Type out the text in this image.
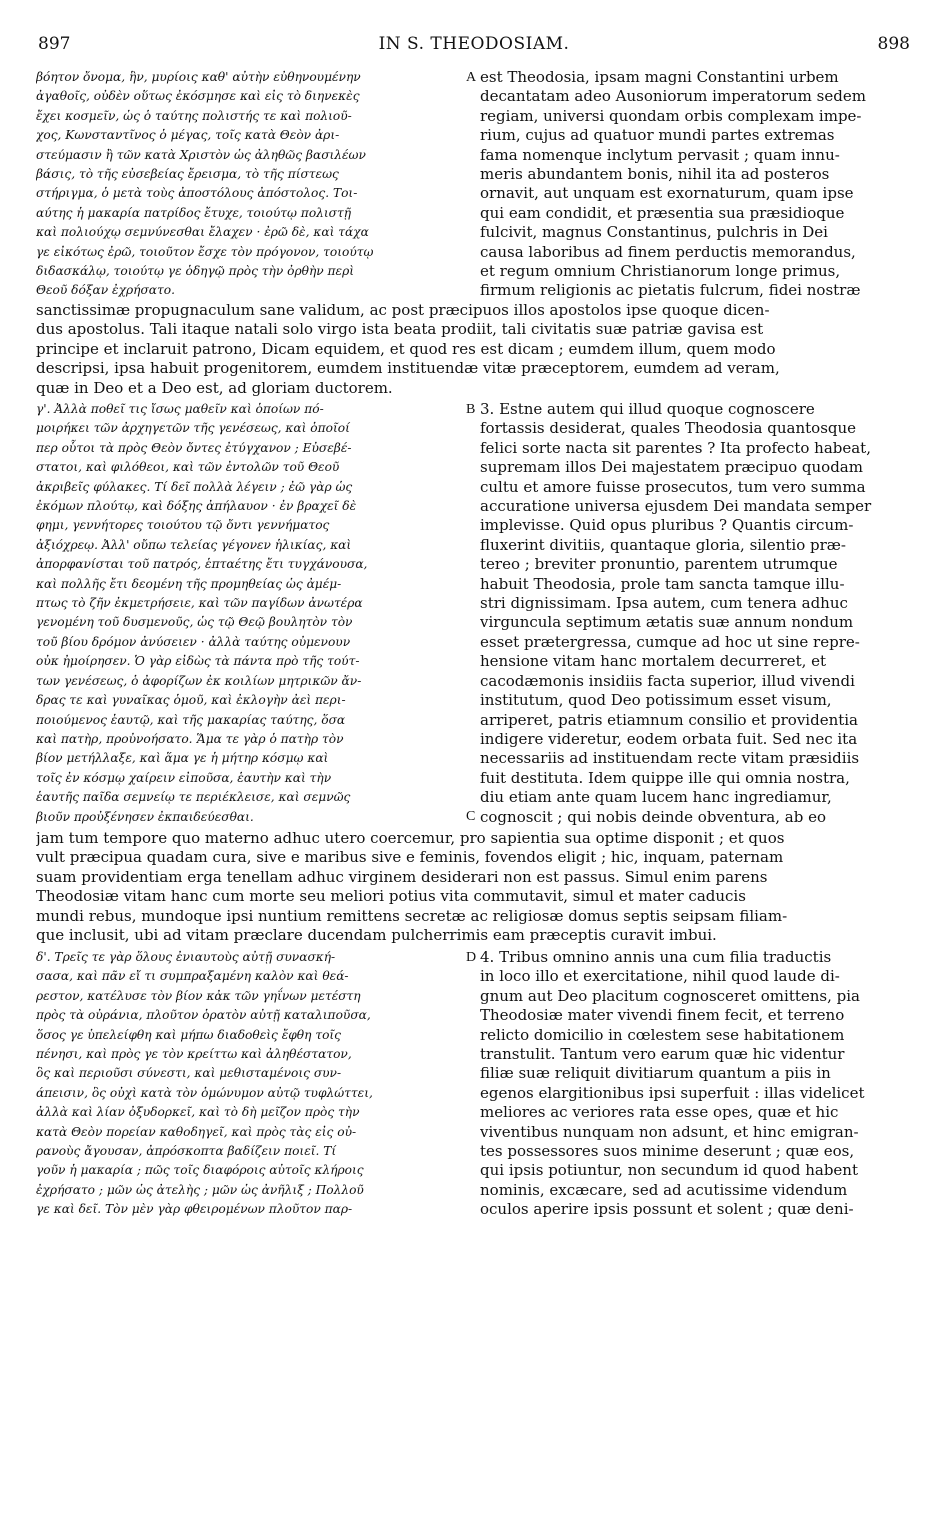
897	IN S. THEODOSIAM.	898
βόητον ὄνομα, ἣν, μυρίοις καθ' αὐτὴν εὐθηνουμένην
ἀγαθοῖς, οὐδὲν οὕτως ἐκόσμησε καὶ εἰς τὸ διηνεκὲς
ἔχει κοσμεῖν, ὡς ὁ ταύτης πολιστής τε καὶ πολιοῦ-
χος, Κωνσταντῖνος ὁ μέγας, τοῖς κατὰ Θεὸν ἀρι-
στεύμασιν ἢ τῶν κατὰ Χριστὸν ὡς ἀληθῶς βασιλέων
βάσις, τὸ τῆς εὐσεβείας ἔρεισμα, τὸ τῆς πίστεως
στήριγμα, ὁ μετὰ τοὺς ἀποστόλους ἀπόστολος. Τοι-
αύτης ἡ μακαρία πατρίδος ἔτυχε, τοιούτῳ πολιστῇ
καὶ πολιούχῳ σεμνύνεσθαι ἔλαχεν · ἐρῶ δὲ, καὶ τάχα
γε εἰκότως ἐρῶ, τοιοῦτον ἔσχε τὸν πρόγονον, τοιούτῳ
διδασκάλῳ, τοιούτῳ γε ὁδηγῷ πρὸς τὴν ὀρθὴν περὶ
Θεοῦ δόξαν ἐχρήσατο.
est Theodosia, ipsam magni Constantini urbem
decantatam adeo Ausoniorum imperatorum sedem
regiam, universi quondam orbis complexam impe-
rium, cujus ad quatuor mundi partes extremas
fama nomenque inclytum pervasit ; quam innu-
meris abundantem bonis, nihil ita ad posteros
ornavit, aut unquam est exornaturum, quam ipse
qui eam condidit, et præsentia sua præsidioque
fulcivit, magnus Constantinus, pulchris in Dei
causa laboribus ad finem perductis memorandus,
et regum omnium Christianorum longe primus,
firmum religionis ac pietatis fulcrum, fidei nostræ
A
sanctissimæ propugnaculum sane validum, ac post præcipuos illos apostolos ipse quoque dicen-
dus apostolus. Tali itaque natali solo virgo ista beata prodiit, tali civitatis suæ patriæ gavisa est
principe et inclaruit patrono, Dicam equidem, et quod res est dicam ; eumdem illum, quem modo
descripsi, ipsa habuit progenitorem, eumdem instituendæ vitæ præceptorem, eumdem ad veram,
quæ in Deo et a Deo est, ad gloriam ductorem.
γ'. Ἀλλὰ ποθεῖ τις ἴσως μαθεῖν καὶ ὁποίων πό-
μοιρήκει τῶν ἀρχηγετῶν τῆς γενέσεως, καὶ ὁποῖοί
περ οὗτοι τὰ πρὸς Θεὸν ὄντες ἐτύγχανον ; Εὐσεβέ-
στατοι, καὶ φιλόθεοι, καὶ τῶν ἐντολῶν τοῦ Θεοῦ
ἀκριβεῖς φύλακες. Τί δεῖ πολλὰ λέγειν ; ἐῶ γὰρ ὡς
ἐκόμων πλούτῳ, καὶ δόξης ἀπήλαυον · ἐν βραχεῖ δὲ
φημι, γεννήτορες τοιούτου τῷ ὄντι γεννήματος
ἀξιόχρεῳ. Ἀλλ' οὔπω τελείας γέγονεν ἡλικίας, καὶ
ἀπορφανίσται τοῦ πατρός, ἑπταέτης ἔτι τυγχάνουσα,
καὶ πολλῆς ἔτι δεομένη τῆς προμηθείας ὡς ἀμέμ-
πτως τὸ ζῆν ἐκμετρήσειε, καὶ τῶν παγίδων ἀνωτέρα
γενομένη τοῦ δυσμενοῦς, ὡς τῷ Θεῷ βουλητὸν τὸν
τοῦ βίου δρόμον ἀνύσειεν · ἀλλὰ ταύτης οὐμενουν
οὐκ ἠμοίρησεν. Ὁ γὰρ εἰδὼς τὰ πάντα πρὸ τῆς τούτ-
των γενέσεως, ὁ ἀφορίζων ἐκ κοιλίων μητρικῶν ἄν-
δρας τε καὶ γυναῖκας ὁμοῦ, καὶ ἐκλογὴν ἀεὶ περι-
ποιούμενος ἑαυτῷ, καὶ τῆς μακαρίας ταύτης, ὅσα
καὶ πατὴρ, προὐνοήσατο. Ἅμα τε γὰρ ὁ πατὴρ τὸν
βίον μετήλλαξε, καὶ ἅμα γε ἡ μήτηρ κόσμῳ καὶ
τοῖς ἐν κόσμῳ χαίρειν εἰποῦσα, ἑαυτὴν καὶ τὴν
ἑαυτῆς παῖδα σεμνείῳ τε περιέκλεισε, καὶ σεμνῶς
βιοῦν προὐξένησεν ἐκπαιδεύεσθαι.
3. Estne autem qui illud quoque cognoscere
fortassis desiderat, quales Theodosia quantosque
felici sorte nacta sit parentes ? Ita profecto habeat,
supremam illos Dei majestatem præcipuo quodam
cultu et amore fuisse prosecutos, tum vero summa
accuratione universa ejusdem Dei mandata semper
implevisse. Quid opus pluribus ? Quantis circum-
fluxerint divitiis, quantaque gloria, silentio præ-
tereo ; breviter pronuntio, parentem utrumque
habuit Theodosia, prole tam sancta tamque illu-
stri dignissimam. Ipsa autem, cum tenera adhuc
virguncula septimum ætatis suæ annum nondum
esset prætergressa, cumque ad hoc ut sine repre-
hensione vitam hanc mortalem decurreret, et
cacodæmonis insidiis facta superior, illud vivendi
institutum, quod Deo potissimum esset visum,
arriperet, patris etiamnum consilio et providentia
indigere videretur, eodem orbata fuit. Sed nec ita
necessariis ad instituendam recte vitam præsidiis
fuit destituta. Idem quippe ille qui omnia nostra,
diu etiam ante quam lucem hanc ingrediamur,
cognoscit ; qui nobis deinde obventura, ab eo
B
C
jam tum tempore quo materno adhuc utero coercemur, pro sapientia sua optime disponit ; et quos
vult præcipua quadam cura, sive e maribus sive e feminis, fovendos eligit ; hic, inquam, paternam
suam providentiam erga tenellam adhuc virginem desiderari non est passus. Simul enim parens
Theodosiæ vitam hanc cum morte seu meliori potius vita commutavit, simul et mater caducis
mundi rebus, mundoque ipsi nuntium remittens secretæ ac religiosæ domus septis seipsam filiam-
que inclusit, ubi ad vitam præclare ducendam pulcherrimis eam præceptis curavit imbui.
δ'. Τρεῖς τε γὰρ ὅλους ἐνιαυτοὺς αὐτῇ συνασκή-
σασα, καὶ πᾶν εἴ τι συμπραξαμένη καλὸν καὶ θεά-
ρεστον, κατέλυσε τὸν βίον κἀκ τῶν γηΐνων μετέστη
πρὸς τὰ οὐράνια, πλοῦτον ὁρατὸν αὐτῇ καταλιποῦσα,
ὅσος γε ὑπελείφθη καὶ μήπω διαδοθεὶς ἔφθη τοῖς
πένησι, καὶ πρὸς γε τὸν κρείττω καὶ ἀληθέστατον,
ὃς καὶ περιοῦσι σύνεστι, καὶ μεθισταμένοις συν-
άπεισιν, ὃς οὐχὶ κατὰ τὸν ὁμώνυμον αὐτῷ τυφλώττει,
ἀλλὰ καὶ λίαν ὀξυδορκεῖ, καὶ τὸ δὴ μεῖζον πρὸς τὴν
κατὰ Θεὸν πορείαν καθοδηγεῖ, καὶ πρὸς τὰς εἰς οὐ-
ρανοὺς ἄγουσαν, ἀπρόσκοπτα βαδίζειν ποιεῖ. Τί
γοῦν ἡ μακαρία ; πῶς τοῖς διαφόροις αὐτοῖς κλήροις
ἐχρήσατο ; μῶν ὡς ἀτελὴς ; μῶν ὡς ἀνῆλιξ ; Πολλοῦ
γε καὶ δεῖ. Τὸν μὲν γὰρ φθειρομένων πλοῦτον παρ-
4. Tribus omnino annis una cum filia traductis
in loco illo et exercitatione, nihil quod laude di-
gnum aut Deo placitum cognosceret omittens, pia
Theodosiæ mater vivendi finem fecit, et terreno
relicto domicilio in cœlestem sese habitationem
transtulit. Tantum vero earum quæ hic videntur
filiæ suæ reliquit divitiarum quantum a piis in
egenos elargitionibus ipsi superfuit : illas videlicet
meliores ac veriores rata esse opes, quæ et hic
viventibus nunquam non adsunt, et hinc emigran-
tes possessores suos minime deserunt ; quæ eos,
qui ipsis potiuntur, non secundum id quod habent
nominis, excæcare, sed ad acutissime videndum
oculos aperire ipsis possunt et solent ; quæ deni-
D
